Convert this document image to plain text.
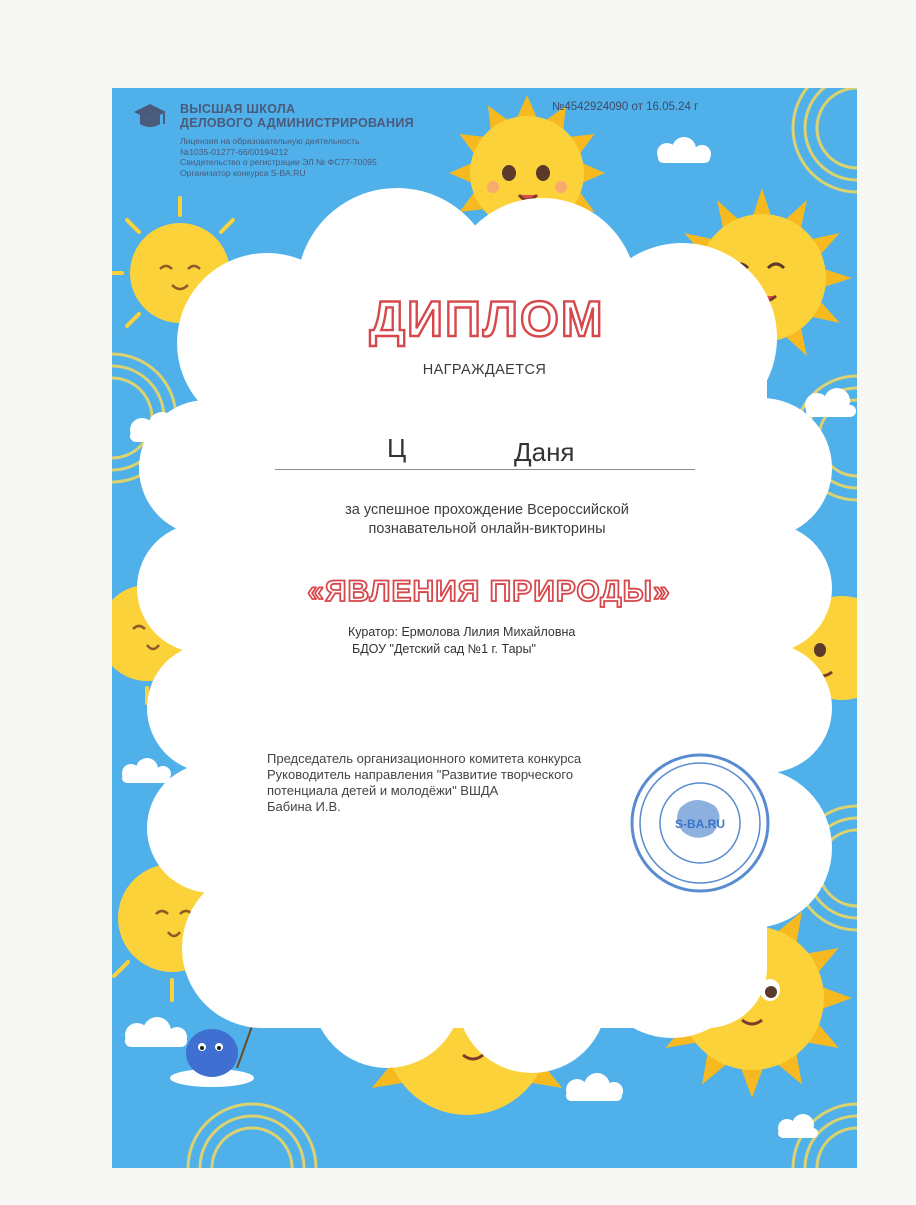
ВЫСШАЯ ШКОЛА
ДЕЛОВОГО АДМИНИСТРИРОВАНИЯ
Лицензия на образовательную деятельность
№1035-01277-66/00194212
Свидетельство о регистрации ЭЛ № ФС77-70095
Организатор конкурса S-BA.RU
№4542924090 от 16.05.24 г
ДИПЛОМ
НАГРАЖДАЕТСЯ
Ц	Даня
за успешное прохождение Всероссийской
познавательной онлайн-викторины
«ЯВЛЕНИЯ ПРИРОДЫ»
Куратор: Ермолова Лилия Михайловна
БДОУ "Детский сад №1 г. Тары"
Председатель организационного комитета конкурса
Руководитель направления "Развитие творческого
потенциала детей и молодёжи" ВШДА
Бабина И.В.
S-BA.RU
